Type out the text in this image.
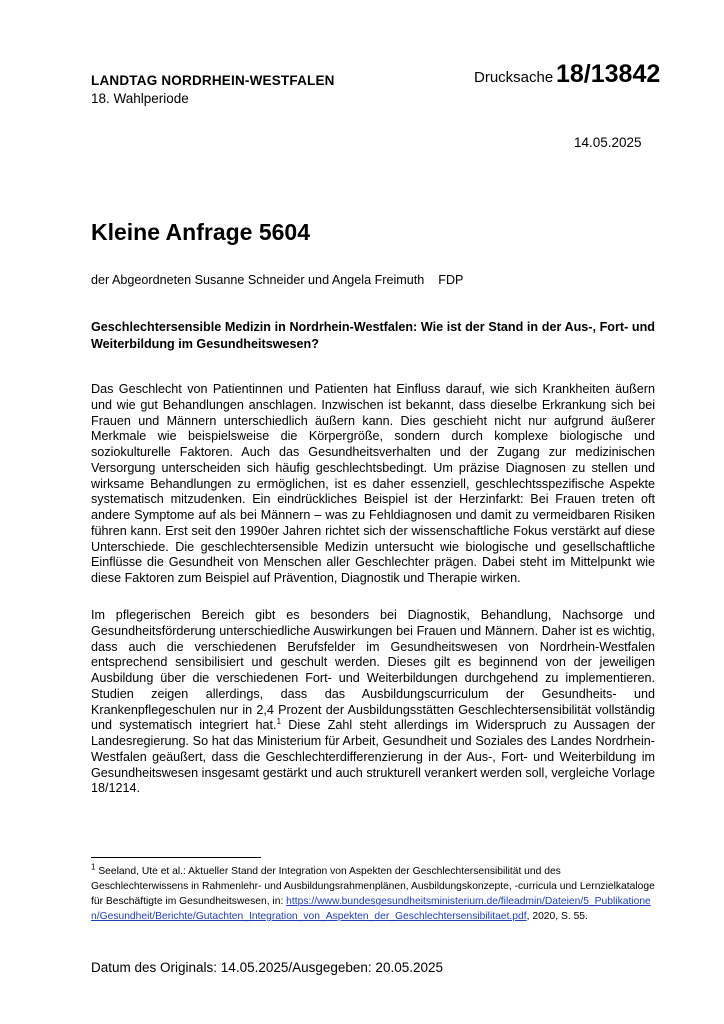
LANDTAG NORDRHEIN-WESTFALEN
18. Wahlperiode
Drucksache 18/13842
14.05.2025
Kleine Anfrage 5604
der Abgeordneten Susanne Schneider und Angela Freimuth    FDP
Geschlechtersensible Medizin in Nordrhein-Westfalen: Wie ist der Stand in der Aus-, Fort- und Weiterbildung im Gesundheitswesen?
Das Geschlecht von Patientinnen und Patienten hat Einfluss darauf, wie sich Krankheiten äußern und wie gut Behandlungen anschlagen. Inzwischen ist bekannt, dass dieselbe Erkrankung sich bei Frauen und Männern unterschiedlich äußern kann. Dies geschieht nicht nur aufgrund äußerer Merkmale wie beispielsweise die Körpergröße, sondern durch komplexe biologische und soziokulturelle Faktoren. Auch das Gesundheitsverhalten und der Zugang zur medizinischen Versorgung unterscheiden sich häufig geschlechtsbedingt. Um präzise Diagnosen zu stellen und wirksame Behandlungen zu ermöglichen, ist es daher essenziell, geschlechtsspezifische Aspekte systematisch mitzudenken. Ein eindrückliches Beispiel ist der Herzinfarkt: Bei Frauen treten oft andere Symptome auf als bei Männern – was zu Fehldiagnosen und damit zu vermeidbaren Risiken führen kann. Erst seit den 1990er Jahren richtet sich der wissenschaftliche Fokus verstärkt auf diese Unterschiede. Die geschlechtersensible Medizin untersucht wie biologische und gesellschaftliche Einflüsse die Gesundheit von Menschen aller Geschlechter prägen. Dabei steht im Mittelpunkt wie diese Faktoren zum Beispiel auf Prävention, Diagnostik und Therapie wirken.
Im pflegerischen Bereich gibt es besonders bei Diagnostik, Behandlung, Nachsorge und Gesundheitsförderung unterschiedliche Auswirkungen bei Frauen und Männern. Daher ist es wichtig, dass auch die verschiedenen Berufsfelder im Gesundheitswesen von Nordrhein-Westfalen entsprechend sensibilisiert und geschult werden. Dieses gilt es beginnend von der jeweiligen Ausbildung über die verschiedenen Fort- und Weiterbildungen durchgehend zu implementieren. Studien zeigen allerdings, dass das Ausbildungscurriculum der Gesundheits- und Krankenpflegeschulen nur in 2,4 Prozent der Ausbildungsstätten Geschlechtersensibilität vollständig und systematisch integriert hat.$^1$ Diese Zahl steht allerdings im Widerspruch zu Aussagen der Landesregierung. So hat das Ministerium für Arbeit, Gesundheit und Soziales des Landes Nordrhein-Westfalen geäußert, dass die Geschlechterdifferenzierung in der Aus-, Fort- und Weiterbildung im Gesundheitswesen insgesamt gestärkt und auch strukturell verankert werden soll, vergleiche Vorlage 18/1214.
$^1$ Seeland, Ute et al.: Aktueller Stand der Integration von Aspekten der Geschlechtersensibilität und des Geschlechterwissens in Rahmenlehr- und Ausbildungsrahmenplänen, Ausbildungskonzepte, -curricula und Lernzielkataloge für Beschäftigte im Gesundheitswesen, in: https://www.bundesgesundheitsministerium.de/fileadmin/Dateien/5_Publikationen/Gesundheit/Berichte/Gutachten_Integration_von_Aspekten_der_Geschlechtersensibilitaet.pdf, 2020, S. 55.
Datum des Originals: 14.05.2025/Ausgegeben: 20.05.2025
